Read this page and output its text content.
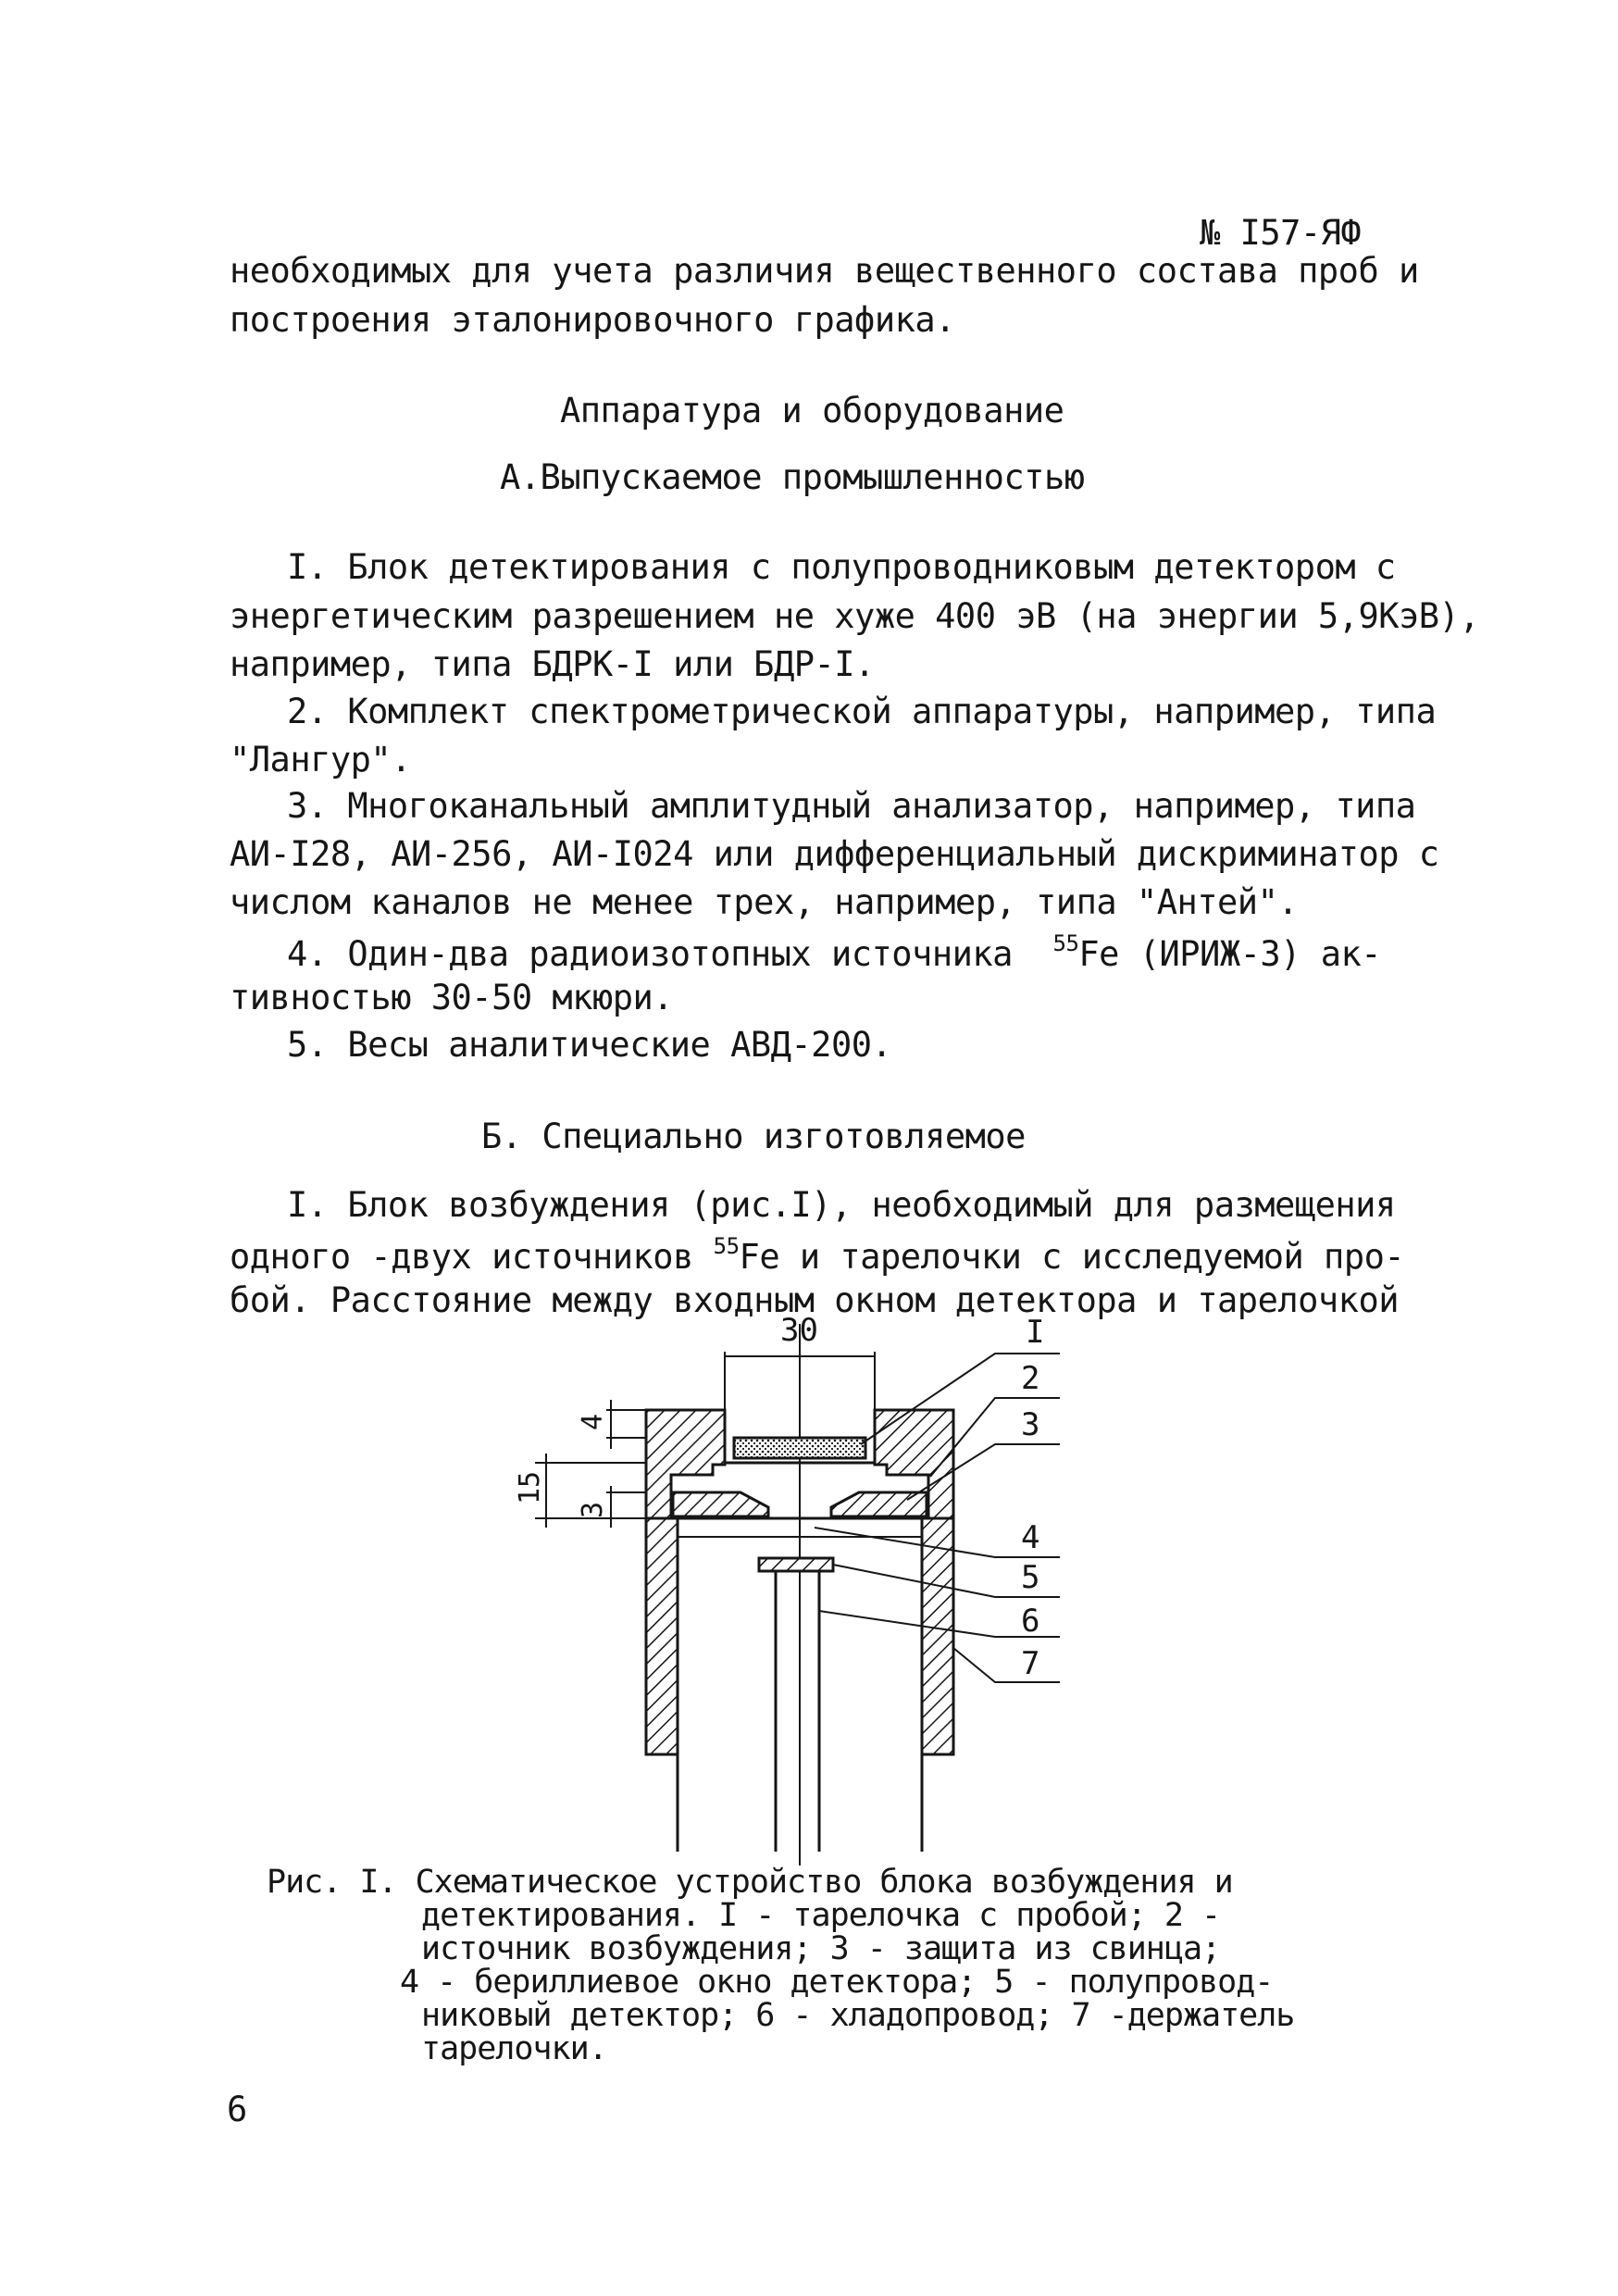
№ I57-ЯФ
необходимых для учета различия вещественного состава проб и
построения эталонировочного графика.
Аппаратура и оборудование
А.Выпускаемое промышленностью
I. Блок детектирования с полупроводниковым детектором с
энергетическим разрешением не хуже 400 эВ (на энергии 5,9КэВ),
например, типа БДРК-I или БДР-I.
2. Комплект спектрометрической аппаратуры, например, типа
"Лангур".
3. Многоканальный амплитудный анализатор, например, типа
АИ-I28, АИ-256, АИ-I024 или дифференциальный дискриминатор с
числом каналов не менее трех, например, типа "Антей".
4. Один-два радиоизотопных источника $^{55}$Fe (ИРИЖ-3) ак-
тивностью 30-50 мкюри.
5. Весы аналитические АВД-200.
Б. Специально изготовляемое
I. Блок возбуждения (рис.I), необходимый для размещения
одного -двух источников $^{55}$Fe и тарелочки с исследуемой про-
бой. Расстояние между входным окном детектора и тарелочкой
30
4
15
3
I
2
3
4
5
6
7
Рис. I. Схематическое устройство блока возбуждения и
детектирования. I - тарелочка с пробой; 2 -
источник возбуждения; 3 - защита из свинца;
4 - бериллиевое окно детектора; 5 - полупровод-
никовый детектор; 6 - хладопровод; 7 -держатель
тарелочки.
6
